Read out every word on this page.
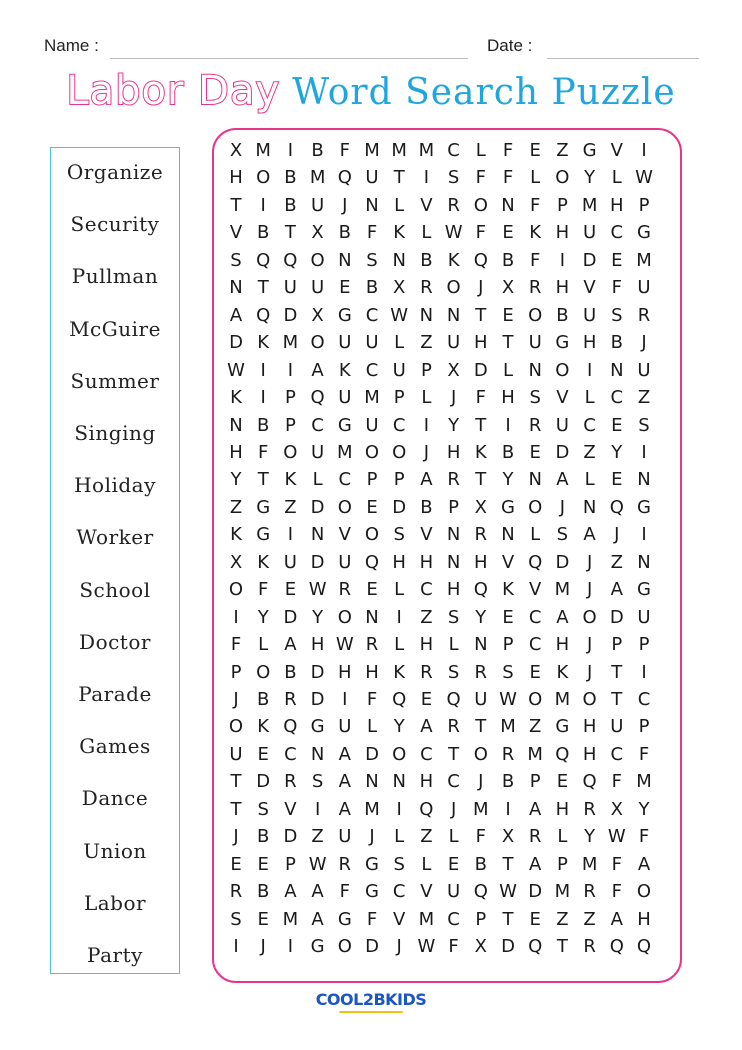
Name :	Date :
Labor Day Word Search Puzzle
Organize
Security
Pullman
McGuire
Summer
Singing
Holiday
Worker
School
Doctor
Parade
Games
Dance
Union
Labor
Party
X M I	B F M M M C L F E Z G V	I
H O B M Q U T	I	S F F L O Y L W
T	I	B U J N L V R O N F P M H P
V B T X B F K L W F E K H U C G
S Q Q O N S N B K Q B F	I D E M
N T U U E B X R O J	X R H V F U
A Q D X G C W N N T E O B U S R
D K M O U U L Z U H T U G H B	J
W I	I	A K C U P X D L N O I N U
K	I	P Q U M P L	J	F H S V L C Z
N B P C G U C	I	Y T	I	R U C E S
H F O U M O O J H K B E D Z Y	I
Y T K L C P P A R T Y N A L E N
Z G Z D O E D B P X G O J N Q G
K G I N V O S V N R N L S A	J	I
X K U D U Q H H N H V Q D J	Z N
O F E W R E L C H Q K V M J	A G
I	Y D Y O N I	Z S Y E C A O D U
F L A H W R L H L N P C H J	P P
P O B D H H K R S R S E K	J	T	I
J	B R D I	F Q E Q U W O M O T C
O K Q G U L Y A R T M Z G H U P
U E C N A D O C T O R M Q H C F
T D R S A N N H C	J	B P E Q F M
T S V	I	A M I Q J M I	A H R X Y
J	B D Z U J	L Z L F X R L Y W F
E E P W R G S L E B T A P M F A
R B A A F G C V U Q W D M R F O
S E M A G F V M C P T E Z Z A H
I	J	I G O D J W F X D Q T R Q Q
COOL2BKIDS
